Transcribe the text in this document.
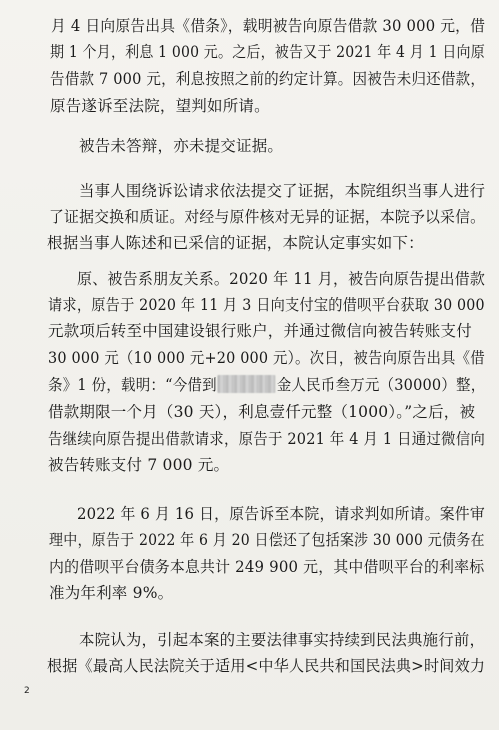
月 4 日向原告出具《借条》，载明被告向原告借款 30 000 元，借
期 1 个月，利息 1 000 元。之后，被告又于 2021 年 4 月 1 日向原
告借款 7 000 元，利息按照之前的约定计算。因被告未归还借款，
原告遂诉至法院，望判如所请。
被告未答辩，亦未提交证据。
当事人围绕诉讼请求依法提交了证据，本院组织当事人进行
了证据交换和质证。对经与原件核对无异的证据，本院予以采信。
根据当事人陈述和已采信的证据，本院认定事实如下：
原、被告系朋友关系。2020 年 11 月，被告向原告提出借款
请求，原告于 2020 年 11 月 3 日向支付宝的借呗平台获取 30 000
元款项后转至中国建设银行账户，并通过微信向被告转账支付
30 000 元（10 000 元+20 000 元）。次日，被告向原告出具《借
条》1 份，载明：“今借到	金人民币叁万元（30000）整，
借款期限一个月（30 天），利息壹仟元整（1000）。”之后，被
告继续向原告提出借款请求，原告于 2021 年 4 月 1 日通过微信向
被告转账支付 7 000 元。
2022 年 6 月 16 日，原告诉至本院，请求判如所请。案件审
理中，原告于 2022 年 6 月 20 日偿还了包括案涉 30 000 元债务在
内的借呗平台债务本息共计 249 900 元，其中借呗平台的利率标
准为年利率 9%。
本院认为，引起本案的主要法律事实持续到民法典施行前，
根据《最高人民法院关于适用<中华人民共和国民法典>时间效力
2
